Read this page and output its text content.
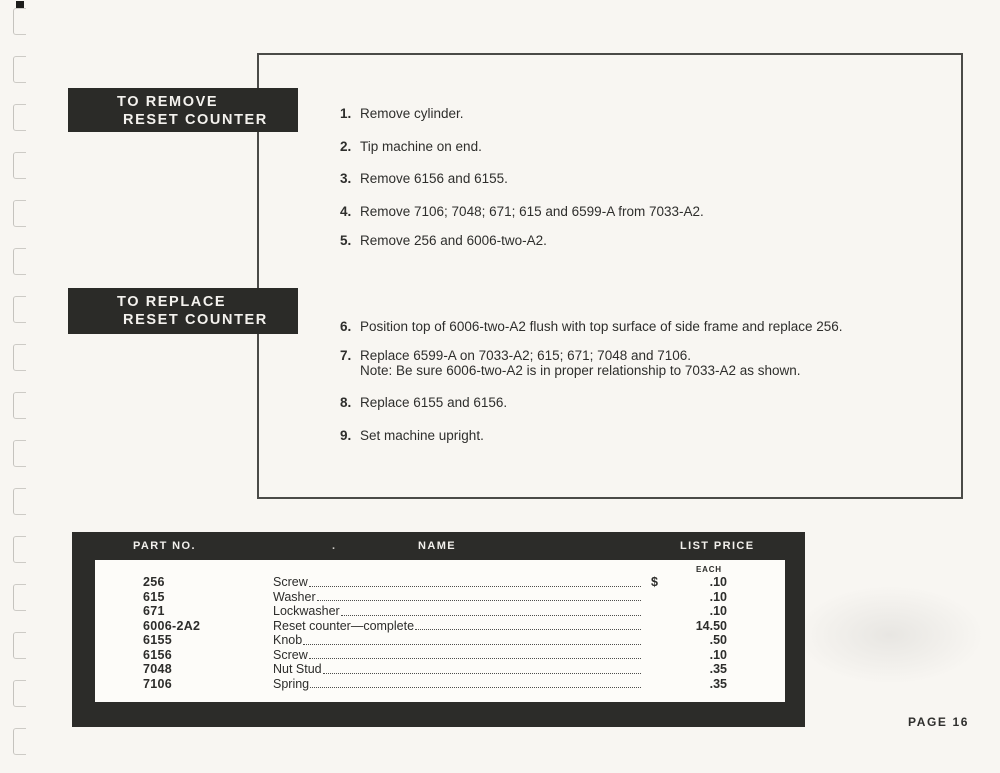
TO REMOVE
RESET COUNTER
TO REPLACE
RESET COUNTER
1. Remove cylinder.
2. Tip machine on end.
3. Remove 6156 and 6155.
4. Remove 7106; 7048; 671; 615 and 6599-A from 7033-A2.
5. Remove 256 and 6006-two-A2.
6. Position top of 6006-two-A2 flush with top surface of side frame and replace 256.
7. Replace 6599-A on 7033-A2; 615; 671; 7048 and 7106.
Note: Be sure 6006-two-A2 is in proper relationship to 7033-A2 as shown.
8. Replace 6155 and 6156.
9. Set machine upright.
PART NO.	.	NAME	LIST PRICE
EACH
256	Screw	$	.10
615	Washer	.10
671	Lockwasher	.10
6006-2A2	Reset counter—complete	14.50
6155	Knob	.50
6156	Screw	.10
7048	Nut Stud	.35
7106	Spring	.35
PAGE 16
